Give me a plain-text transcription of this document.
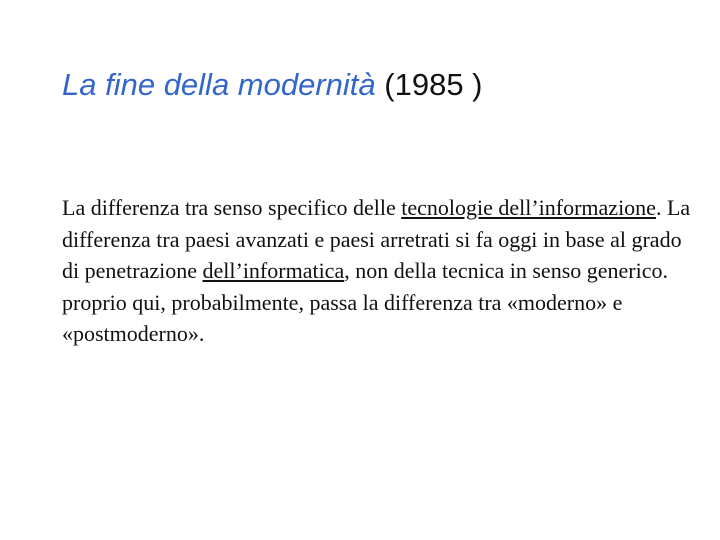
La fine della modernità (1985 )
La differenza tra senso specifico delle tecnologie dell’informazione. La differenza tra paesi avanzati e paesi arretrati si fa oggi in base al grado di penetrazione dell’informatica, non della tecnica in senso generico. proprio qui, probabilmente, passa la differenza tra «moderno» e «postmoderno».
